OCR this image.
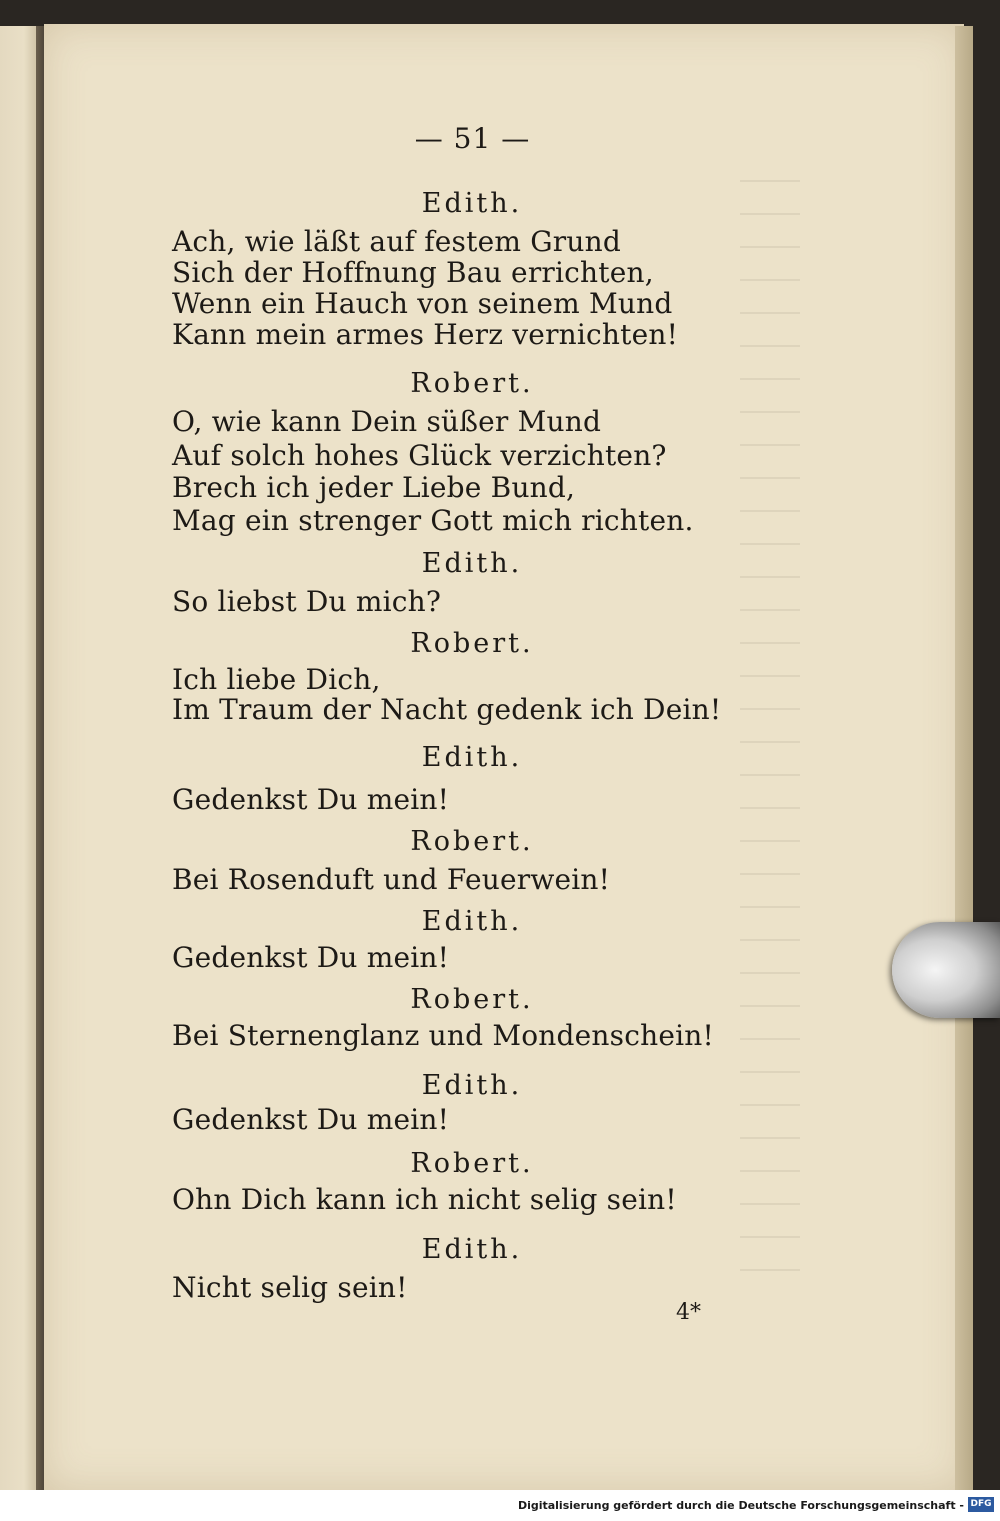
— 51 —
Edith.
Ach, wie läßt auf festem Grund
Sich der Hoffnung Bau errichten,
Wenn ein Hauch von seinem Mund
Kann mein armes Herz vernichten!
Robert.
O, wie kann Dein süßer Mund
Auf solch hohes Glück verzichten?
Brech ich jeder Liebe Bund,
Mag ein strenger Gott mich richten.
Edith.
So liebst Du mich?
Robert.
Ich liebe Dich,
Im Traum der Nacht gedenk ich Dein!
Edith.
Gedenkst Du mein!
Robert.
Bei Rosenduft und Feuerwein!
Edith.
Gedenkst Du mein!
Robert.
Bei Sternenglanz und Mondenschein!
Edith.
Gedenkst Du mein!
Robert.
Ohn Dich kann ich nicht selig sein!
Edith.
Nicht selig sein!
4*
Digitalisierung gefördert durch die Deutsche Forschungsgemeinschaft - DFG
